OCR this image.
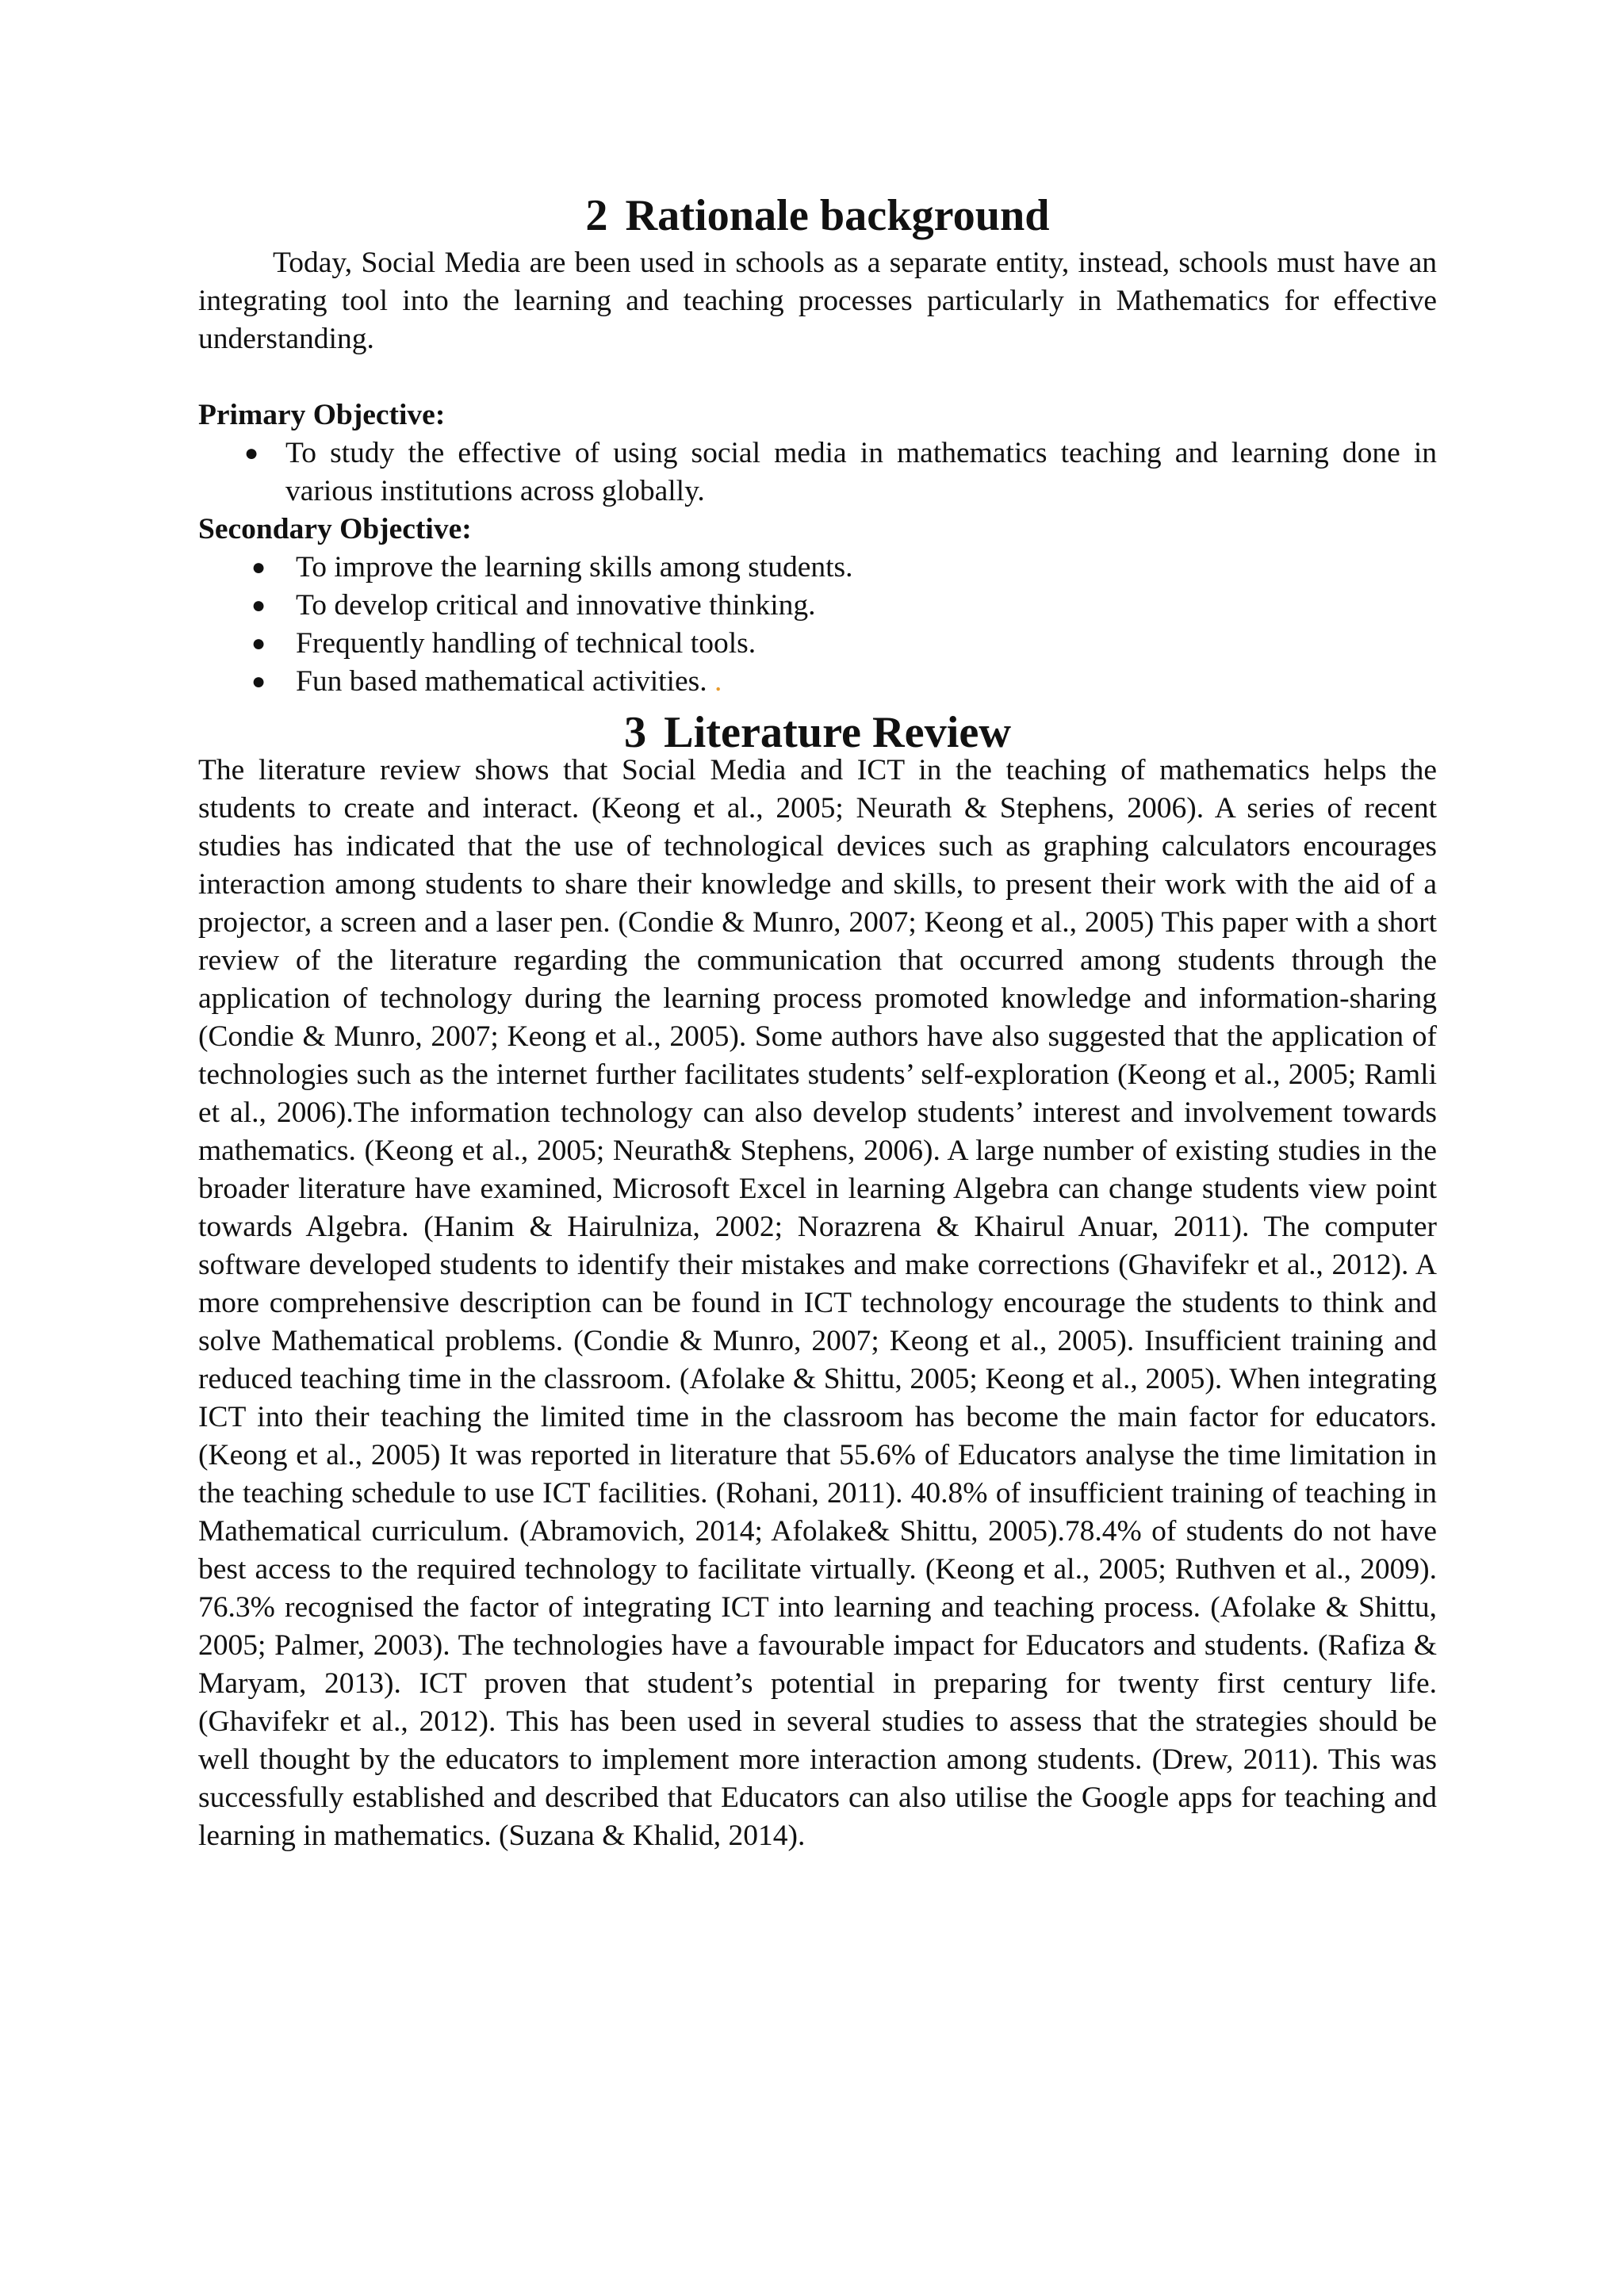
2 Rationale background

Today, Social Media are been used in schools as a separate entity, instead, schools must have an integrating tool into the learning and teaching processes particularly in Mathematics for effective understanding.

Primary Objective:

● To study the effective of using social media in mathematics teaching and learning done in various institutions across globally.

Secondary Objective:

● To improve the learning skills among students.
● To develop critical and innovative thinking.
● Frequently handling of technical tools.
● Fun based mathematical activities. .
3 Literature Review

The literature review shows that Social Media and ICT in the teaching of mathematics helps the students to create and interact. (Keong et al., 2005; Neurath & Stephens, 2006). A series of recent studies has indicated that the use of technological devices such as graphing calculators encourages interaction among students to share their knowledge and skills, to present their work with the aid of a projector, a screen and a laser pen. (Condie & Munro, 2007; Keong et al., 2005) This paper with a short review of the literature regarding the communication that occurred among students through the application of technology during the learning process promoted knowledge and information-sharing (Condie & Munro, 2007; Keong et al., 2005). Some authors have also suggested that the application of technologies such as the internet further facilitates students’ self-exploration (Keong et al., 2005; Ramli et al., 2006).The information technology can also develop students’ interest and involvement towards mathematics. (Keong et al., 2005; Neurath& Stephens, 2006). A large number of existing studies in the broader literature have examined, Microsoft Excel in learning Algebra can change students view point towards Algebra. (Hanim & Hairulniza, 2002; Norazrena & Khairul Anuar, 2011). The computer software developed students to identify their mistakes and make corrections (Ghavifekr et al., 2012). A more comprehensive description can be found in ICT technology encourage the students to think and solve Mathematical problems. (Condie & Munro, 2007; Keong et al., 2005). Insufficient training and reduced teaching time in the classroom. (Afolake & Shittu, 2005; Keong et al., 2005). When integrating ICT into their teaching the limited time in the classroom has become the main factor for educators. (Keong et al., 2005) It was reported in literature that 55.6% of Educators analyse the time limitation in the teaching schedule to use ICT facilities. (Rohani, 2011). 40.8% of insufficient training of teaching in Mathematical curriculum. (Abramovich, 2014; Afolake& Shittu, 2005).78.4% of students do not have best access to the required technology to facilitate virtually. (Keong et al., 2005; Ruthven et al., 2009). 76.3% recognised the factor of integrating ICT into learning and teaching process. (Afolake & Shittu, 2005; Palmer, 2003). The technologies have a favourable impact for Educators and students. (Rafiza & Maryam, 2013). ICT proven that student’s potential in preparing for twenty first century life. (Ghavifekr et al., 2012). This has been used in several studies to assess that the strategies should be well thought by the educators to implement more interaction among students. (Drew, 2011). This was successfully established and described that Educators can also utilise the Google apps for teaching and learning in mathematics. (Suzana & Khalid, 2014).
